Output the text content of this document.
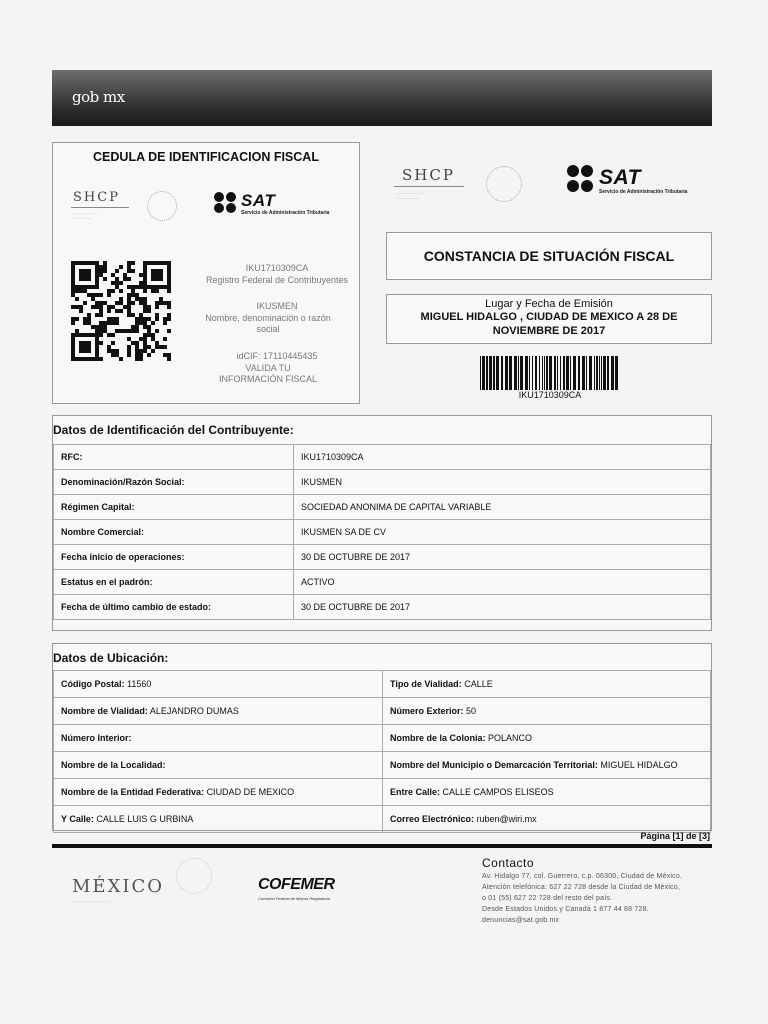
gob mx
CEDULA DE IDENTIFICACION FISCAL
SHCP
........................
...................
SAT
Servicio de Administración Tributaria
IKU1710309CA
Registro Federal de Contribuyentes
IKUSMEN
Nombre, denominación o razón social
idCIF: 17110445435
VALIDA TU INFORMACIÓN FISCAL
SHCP
..........................
.....................
SAT
Servicio de Administración Tributaria
CONSTANCIA DE SITUACIÓN FISCAL
Lugar y Fecha de Emisión
MIGUEL HIDALGO , CIUDAD DE MEXICO A 28 DE NOVIEMBRE DE 2017
IKU1710309CA
Datos de Identificación del Contribuyente:
RFC:	IKU1710309CA
Denominación/Razón Social:	IKUSMEN
Régimen Capital:	SOCIEDAD ANONIMA DE CAPITAL VARIABLE
Nombre Comercial:	IKUSMEN SA DE CV
Fecha inicio de operaciones:	30 DE OCTUBRE DE 2017
Estatus en el padrón:	ACTIVO
Fecha de último cambio de estado:	30 DE OCTUBRE DE 2017
Datos de Ubicación:
Código Postal: 11560	Tipo de Vialidad: CALLE
Nombre de Vialidad: ALEJANDRO DUMAS	Número Exterior: 50
Número Interior:	Nombre de la Colonia: POLANCO
Nombre de la Localidad:	Nombre del Municipio o Demarcación Territorial: MIGUEL HIDALGO
Nombre de la Entidad Federativa: CIUDAD DE MEXICO	Entre Calle: CALLE CAMPOS ELISEOS
Y Calle: CALLE LUIS G URBINA	Correo Electrónico: ruben@wiri.mx
Página [1] de [3]
MÉXICO
..................................
COFEMER
Comisión Federal de Mejora Regulatoria
Contacto
Av. Hidalgo 77, col. Guerrero, c.p. 06300, Ciudad de México.
Atención telefónica: 627 22 728 desde la Ciudad de México,
o 01 (55) 627 22 728 del resto del país.
Desde Estados Unidos y Canadá 1 877 44 88 728.
denuncias@sat.gob.mx
